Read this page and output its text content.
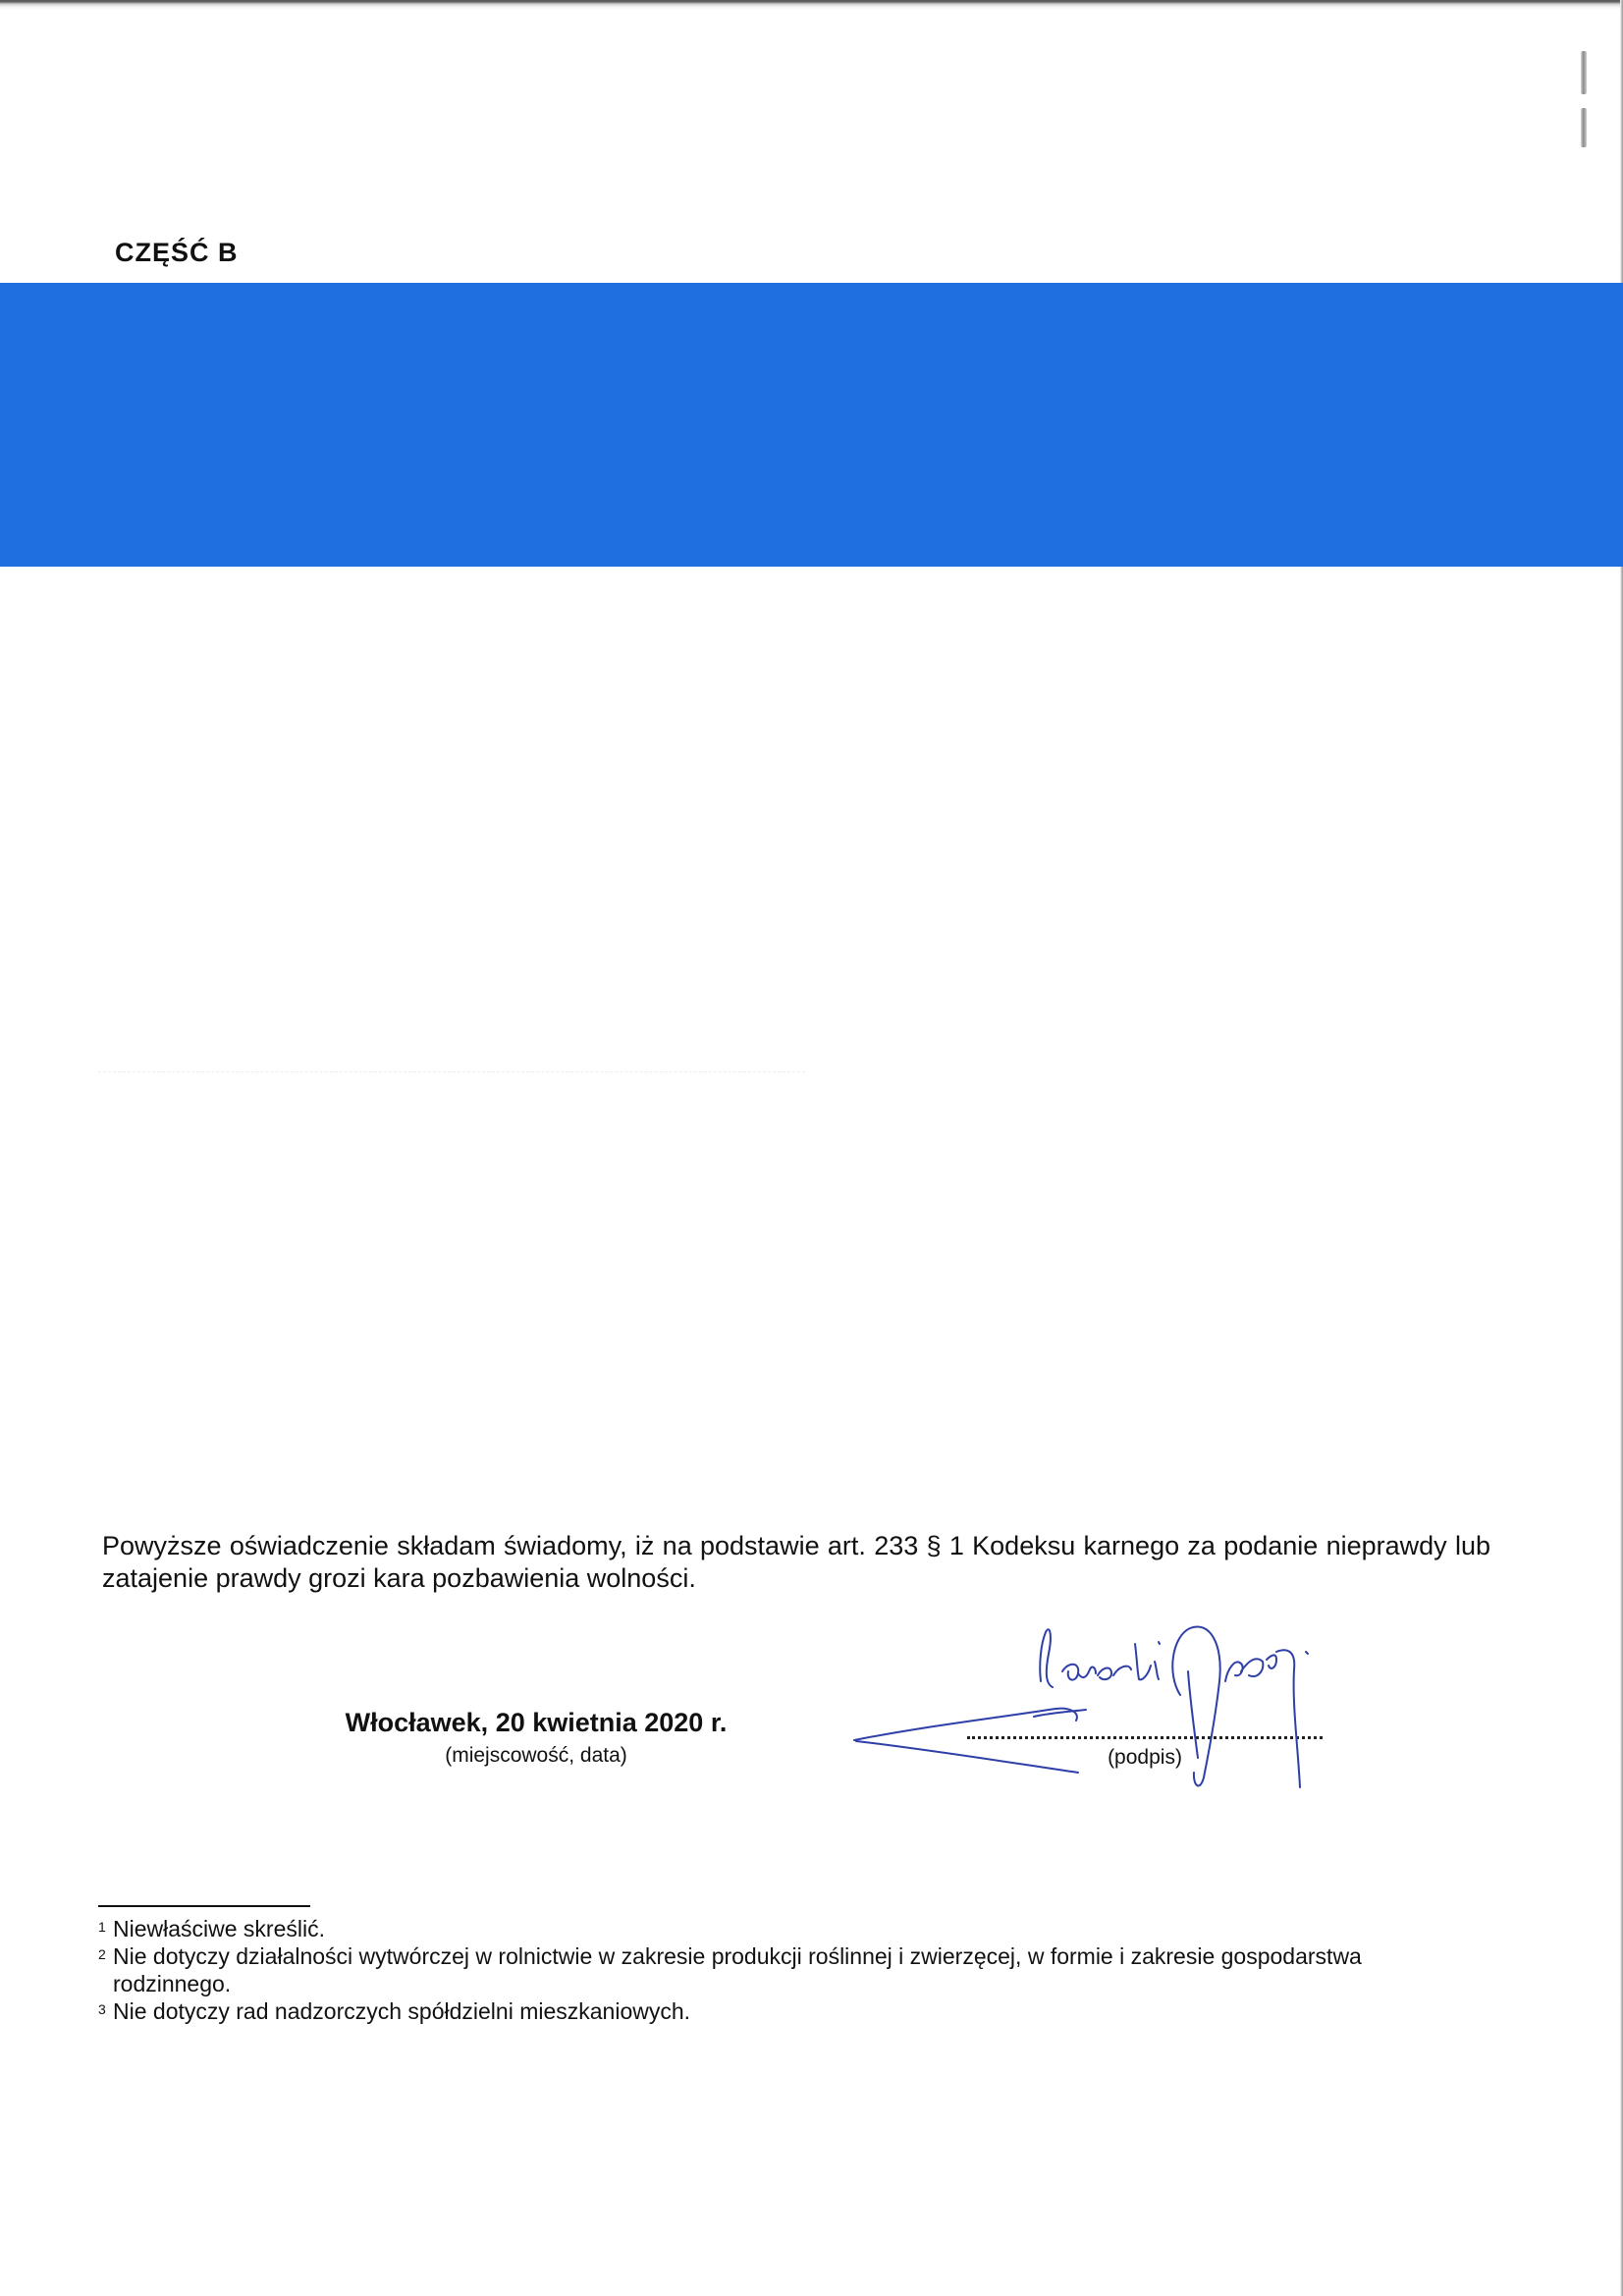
CZĘŚĆ B

Powyższe oświadczenie składam świadomy, iż na podstawie art. 233 § 1 Kodeksu karnego za podanie nieprawdy lub zatajenie prawdy grozi kara pozbawienia wolności.

Włocławek, 20 kwietnia 2020 r.
(miejscowość, data)	(podpis)
1 Niewłaściwe skreślić.
2 Nie dotyczy działalności wytwórczej w rolnictwie w zakresie produkcji roślinnej i zwierzęcej, w formie i zakresie gospodarstwa rodzinnego.
3 Nie dotyczy rad nadzorczych spółdzielni mieszkaniowych.
